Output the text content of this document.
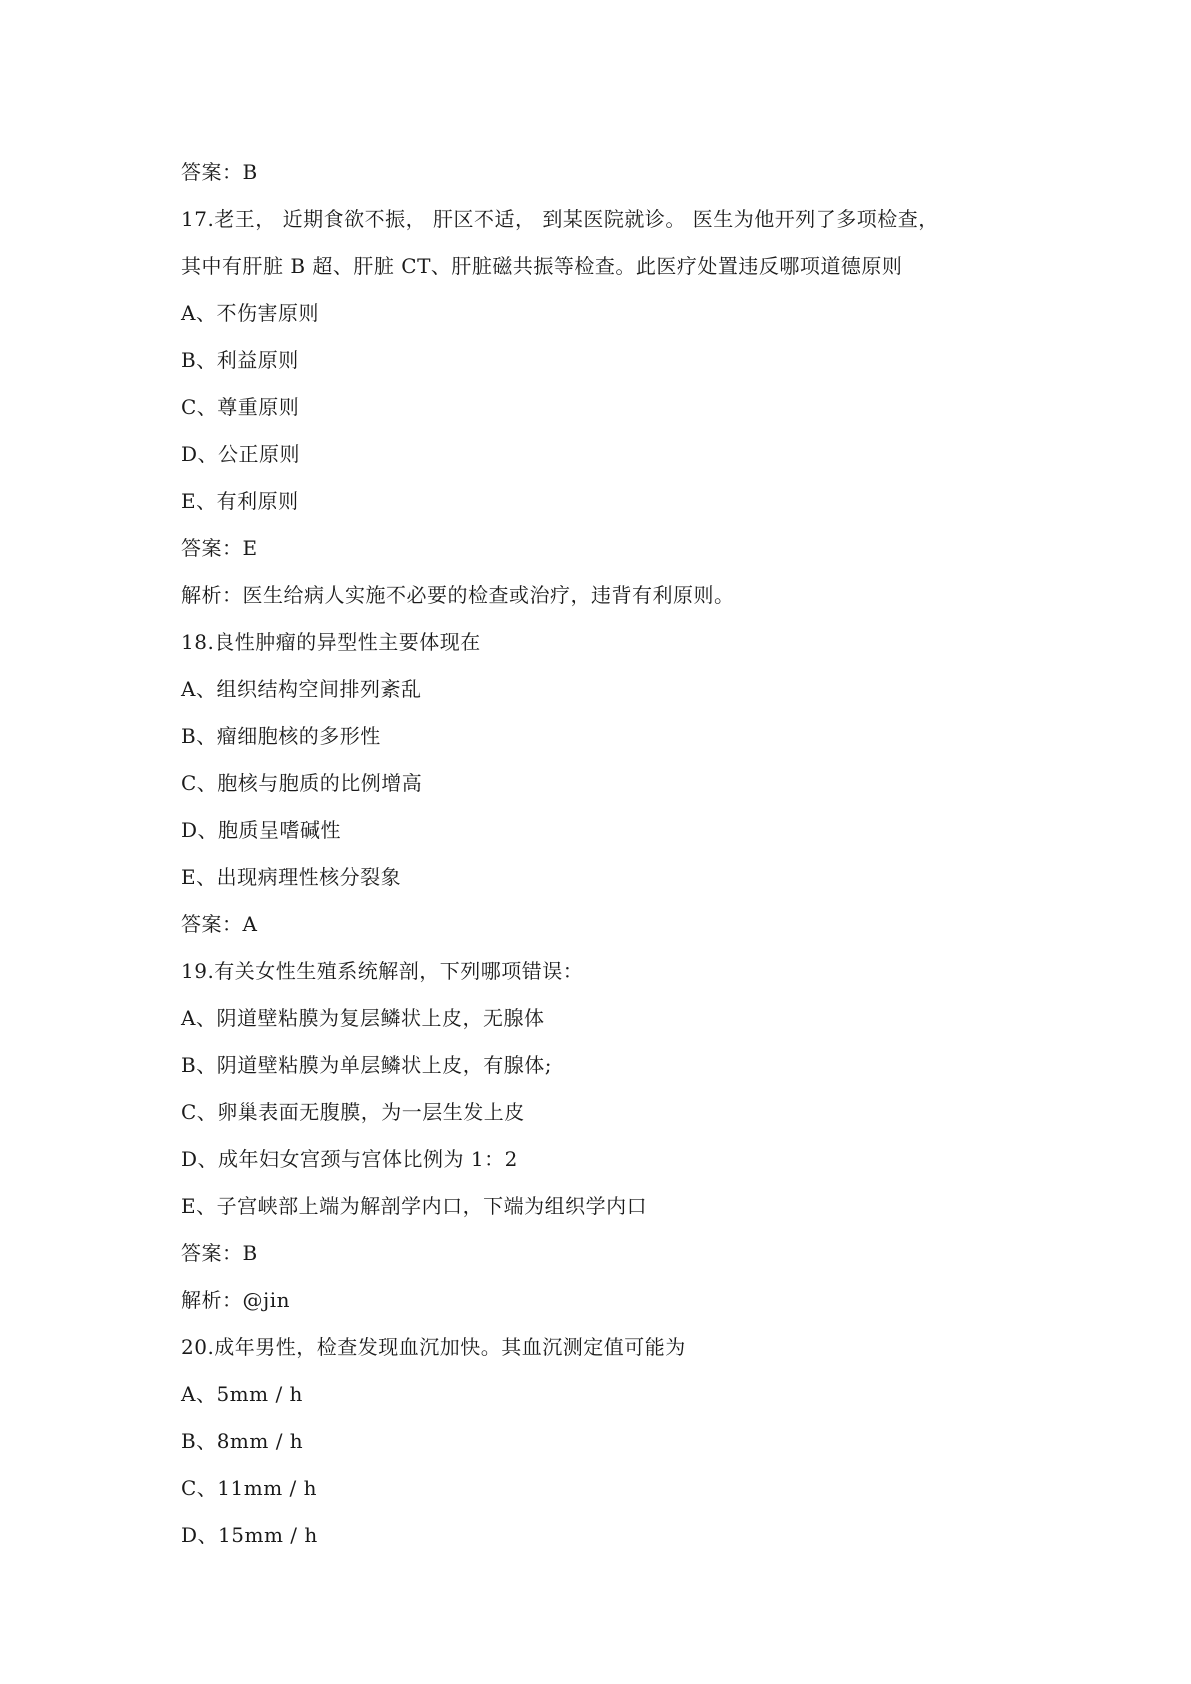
答案：B
17.老王， 近期食欲不振， 肝区不适， 到某医院就诊。 医生为他开列了多项检查，
其中有肝脏 B 超、肝脏 CT、肝脏磁共振等检查。此医疗处置违反哪项道德原则
A、不伤害原则
B、利益原则
C、尊重原则
D、公正原则
E、有利原则
答案：E
解析：医生给病人实施不必要的检查或治疗，违背有利原则。
18.良性肿瘤的异型性主要体现在
A、组织结构空间排列紊乱
B、瘤细胞核的多形性
C、胞核与胞质的比例增高
D、胞质呈嗜碱性
E、出现病理性核分裂象
答案：A
19.有关女性生殖系统解剖，下列哪项错误：
A、阴道壁粘膜为复层鳞状上皮，无腺体
B、阴道壁粘膜为单层鳞状上皮，有腺体;
C、卵巢表面无腹膜，为一层生发上皮
D、成年妇女宫颈与宫体比例为 1：2
E、子宫峡部上端为解剖学内口，下端为组织学内口
答案：B
解析：@jin
20.成年男性，检查发现血沉加快。其血沉测定值可能为
A、5mm / h
B、8mm / h
C、11mm / h
D、15mm / h
